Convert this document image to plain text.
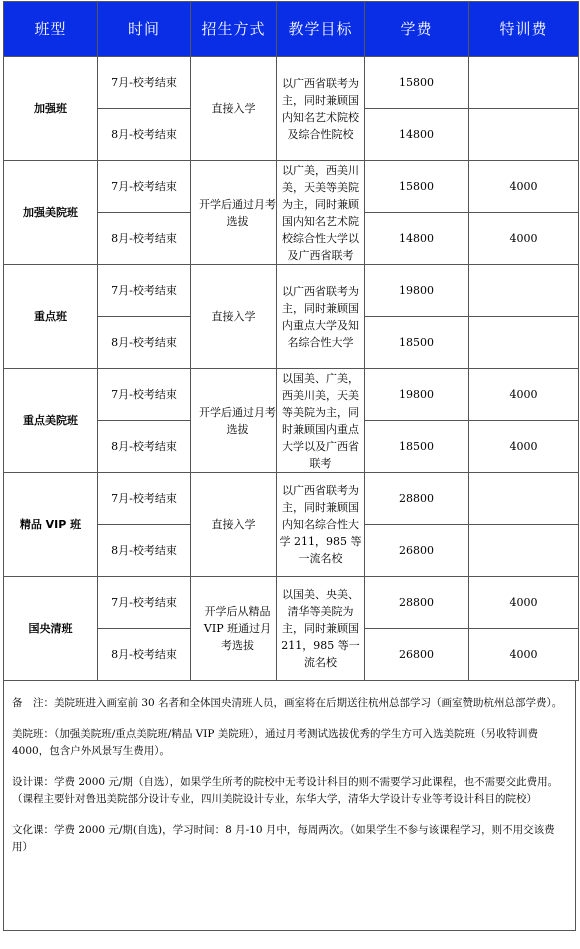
班型	时间	招生方式	教学目标	学费	特训费
加强班	7月-校考结束	直接入学	以广西省联考为主，同时兼顾国内知名艺术院校及综合性院校	15800	
	8月-校考结束			14800	
加强美院班	7月-校考结束	开学后通过月考选拔	以广美，西美川美，天美等美院为主，同时兼顾国内知名艺术院校综合性大学以及广西省联考	15800	4000
	8月-校考结束			14800	4000
重点班	7月-校考结束	直接入学	以广西省联考为主，同时兼顾国内重点大学及知名综合性大学	19800	
	8月-校考结束			18500	
重点美院班	7月-校考结束	开学后通过月考选拔	以国美、广美，西美川美，天美等美院为主，同时兼顾国内重点大学以及广西省联考	19800	4000
	8月-校考结束			18500	4000
精品 VIP 班	7月-校考结束	直接入学	以广西省联考为主，同时兼顾国内知名综合性大学 211，985 等一流名校	28800	
	8月-校考结束			26800	
国央清班	7月-校考结束	开学后从精品 VIP 班通过月考选拔	以国美、央美、清华等美院为主，同时兼顾国 211，985 等一流名校	28800	4000
	8月-校考结束			26800	4000

备　注：美院班进入画室前 30 名者和全体国央清班人员，画室将在后期送往杭州总部学习（画室赞助杭州总部学费）。

美院班：（加强美院班/重点美院班/精品 VIP 美院班），通过月考测试选拔优秀的学生方可入选美院班（另收特训费 4000，包含户外风景写生费用）。

设计课：学费 2000 元/期（自选），如果学生所考的院校中无考设计科目的则不需要学习此课程，也不需要交此费用。（课程主要针对鲁迅美院部分设计专业，四川美院设计专业，东华大学，清华大学设计专业等考设计科目的院校）

文化课：学费 2000 元/期(自选)，学习时间：8 月-10 月中，每周两次。（如果学生不参与该课程学习，则不用交该费用）
